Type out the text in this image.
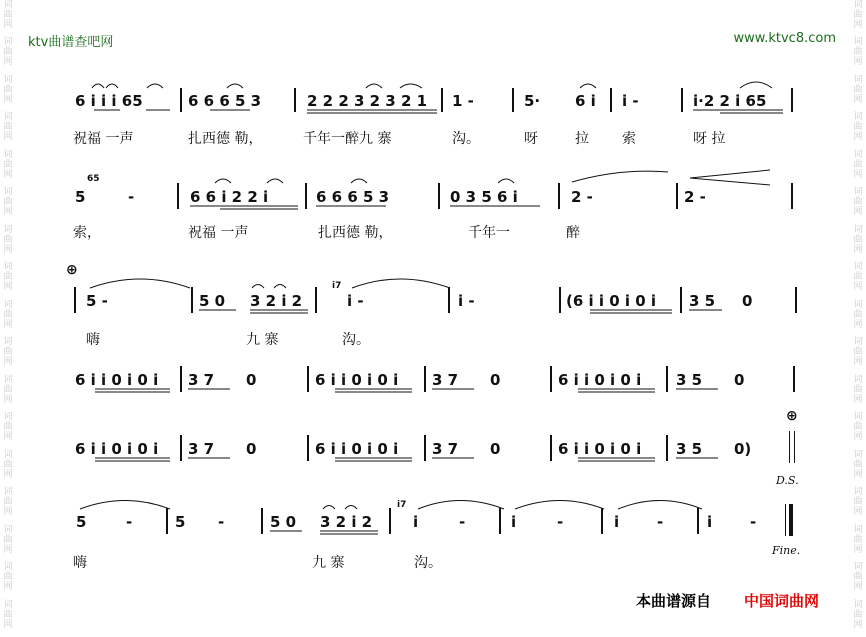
词
曲
网
词
曲
网
词
曲
网
词
曲
网
词
曲
网
词
曲
网
词
曲
网
词
曲
网
词
曲
网
词
曲
网
词
曲
网
词
曲
网
词
曲
网
词
曲
网
词
曲
网
词
曲
网
词
曲
网
词
曲
网
词
曲
网
词
曲
网
词
曲
网
词
曲
网
词
曲
网
词
曲
网
词
曲
网
词
曲
网
词
曲
网
词
曲
网
词
曲
网
词
曲
网
词
曲
网
词
曲
网
词
曲
网
词
曲
网
ktv曲谱查吧网	www.ktvc8.com
6 i i i 65	6 6 6 5 3	2 2 2 3 2 3 2 1 1 -	5· 6 i i -	i·2 2 i 65
祝福 一声	扎西德 勒，	千年一醉九 寨	沟。	呀	拉 索	呀 拉
5	-	6 6 i 2 2 i	6 6 6 5 3	0 3 5 6 i	2 -	2 -
65
索，	祝福 一声	扎西德 勒，	千年一	醉
⊕
5 -	5 0 3 2 i 2	i -	i -	(6 i i 0 i 0 i 3 5 0
i7
嗨	九 寨	沟。
6 i i 0 i 0 i 3 7 0	6 i i 0 i 0 i 3 7 0	6 i i 0 i 0 i 3 5 0
⊕
6 i i 0 i 0 i 3 7 0	6 i i 0 i 0 i 3 7 0	6 i i 0 i 0 i 3 5 0)
D.S.
5	-	5 -	5 0 3 2 i 2	i	-	i	-	i	-	i	-
i7
Fine.
嗨	九 寨	沟。
本曲谱源自 中国词曲网
